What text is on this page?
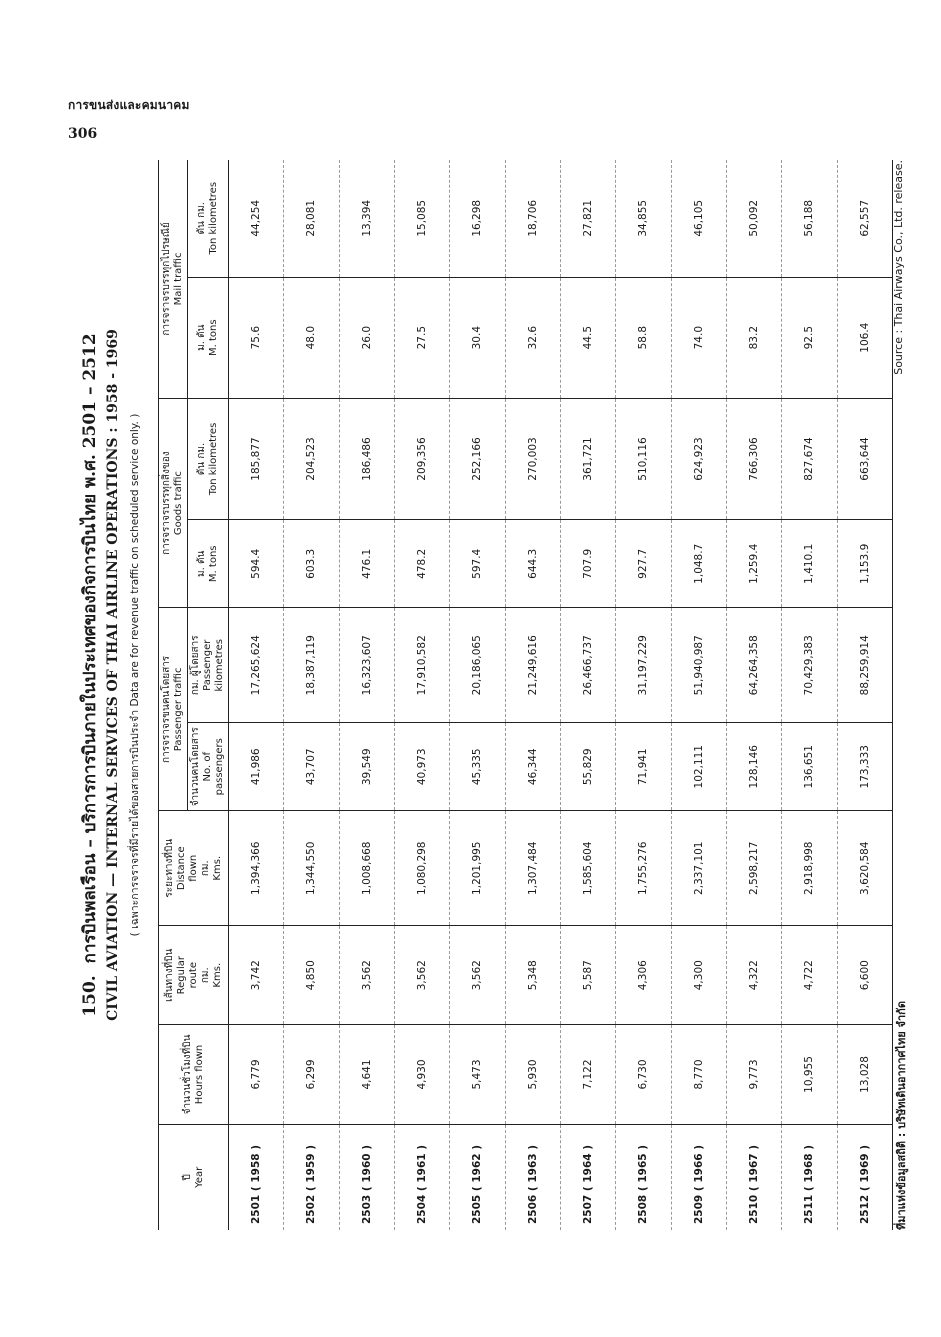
การขนส่งและคมนาคม
306
150.การบินพลเรือน – บริการการบินภายในประเทศของกิจการบินไทย พ.ศ. 2501 – 2512 CIVIL AVIATION — INTERNAL SERVICES OF THAI AIRLINE OPERATIONS : 1958 - 1969 ( เฉพาะการจราจรที่มีรายได้ของสายการบินประจำ Data are for revenue traffic on scheduled service only. )
ปี Year	จำนวนชั่วโมงที่บิน Hours flown	เส้นทางที่บิน Regular route กม. Kms.	ระยะทางที่บิน Distance flown กม. Kms.	การจราจรขนคนโดยสาร Passenger traffic		การจราจรบรรทุกสิ่งของ Goods traffic		การจราจรบรรทุกไปรษณีย์ Mail traffic	

				จำนวนคนโดยสาร No. of passengers	กม. ผู้โดยสาร Passenger kilometres	ม. ตัน M. tons	ตัน กม. Ton kilometres	ม. ตัน M. tons	ตัน กม. Ton kilometres

2501 ( 1958 )	6,779	3,742	1,394,366	41,986	17,265,624	594.4	185,877	75.6	44,254
2502 ( 1959 )	6,299	4,850	1,344,550	43,707	18,387,119	603.3	204,523	48.0	28,081
2503 ( 1960 )	4,641	3,562	1,008,668	39,549	16,323,607	476.1	186,486	26.0	13,394
2504 ( 1961 )	4,930	3,562	1,080,298	40,973	17,910,582	478.2	209,356	27.5	15,085
2505 ( 1962 )	5,473	3,562	1,201,995	45,335	20,186,065	597.4	252,166	30.4	16,298
2506 ( 1963 )	5,930	5,348	1,307,484	46,344	21,249,616	644.3	270,003	32.6	18,706
2507 ( 1964 )	7,122	5,587	1,585,604	55,829	26,466,737	707.9	361,721	44.5	27,821
2508 ( 1965 )	6,730	4,306	1,755,276	71,941	31,197,229	927.7	510,116	58.8	34,855
2509 ( 1966 )	8,770	4,300	2,337,101	102,111	51,940,987	1,048.7	624,923	74.0	46,105
2510 ( 1967 )	9,773	4,322	2,598,217	128,146	64,264,358	1,259.4	766,306	83.2	50,092
2511 ( 1968 )	10,955	4,722	2,918,998	136,651	70,429,383	1,410.1	827,674	92.5	56,188
2512 ( 1969 )	13,028	6,600	3,620,584	173,333	88,259,914	1,153.9	663,644	106.4	62,557
ที่มาแห่งข้อมูลสถิติ : บริษัทเดินอากาศไทย จำกัด
Source : Thai Airways Co., Ltd. release.
